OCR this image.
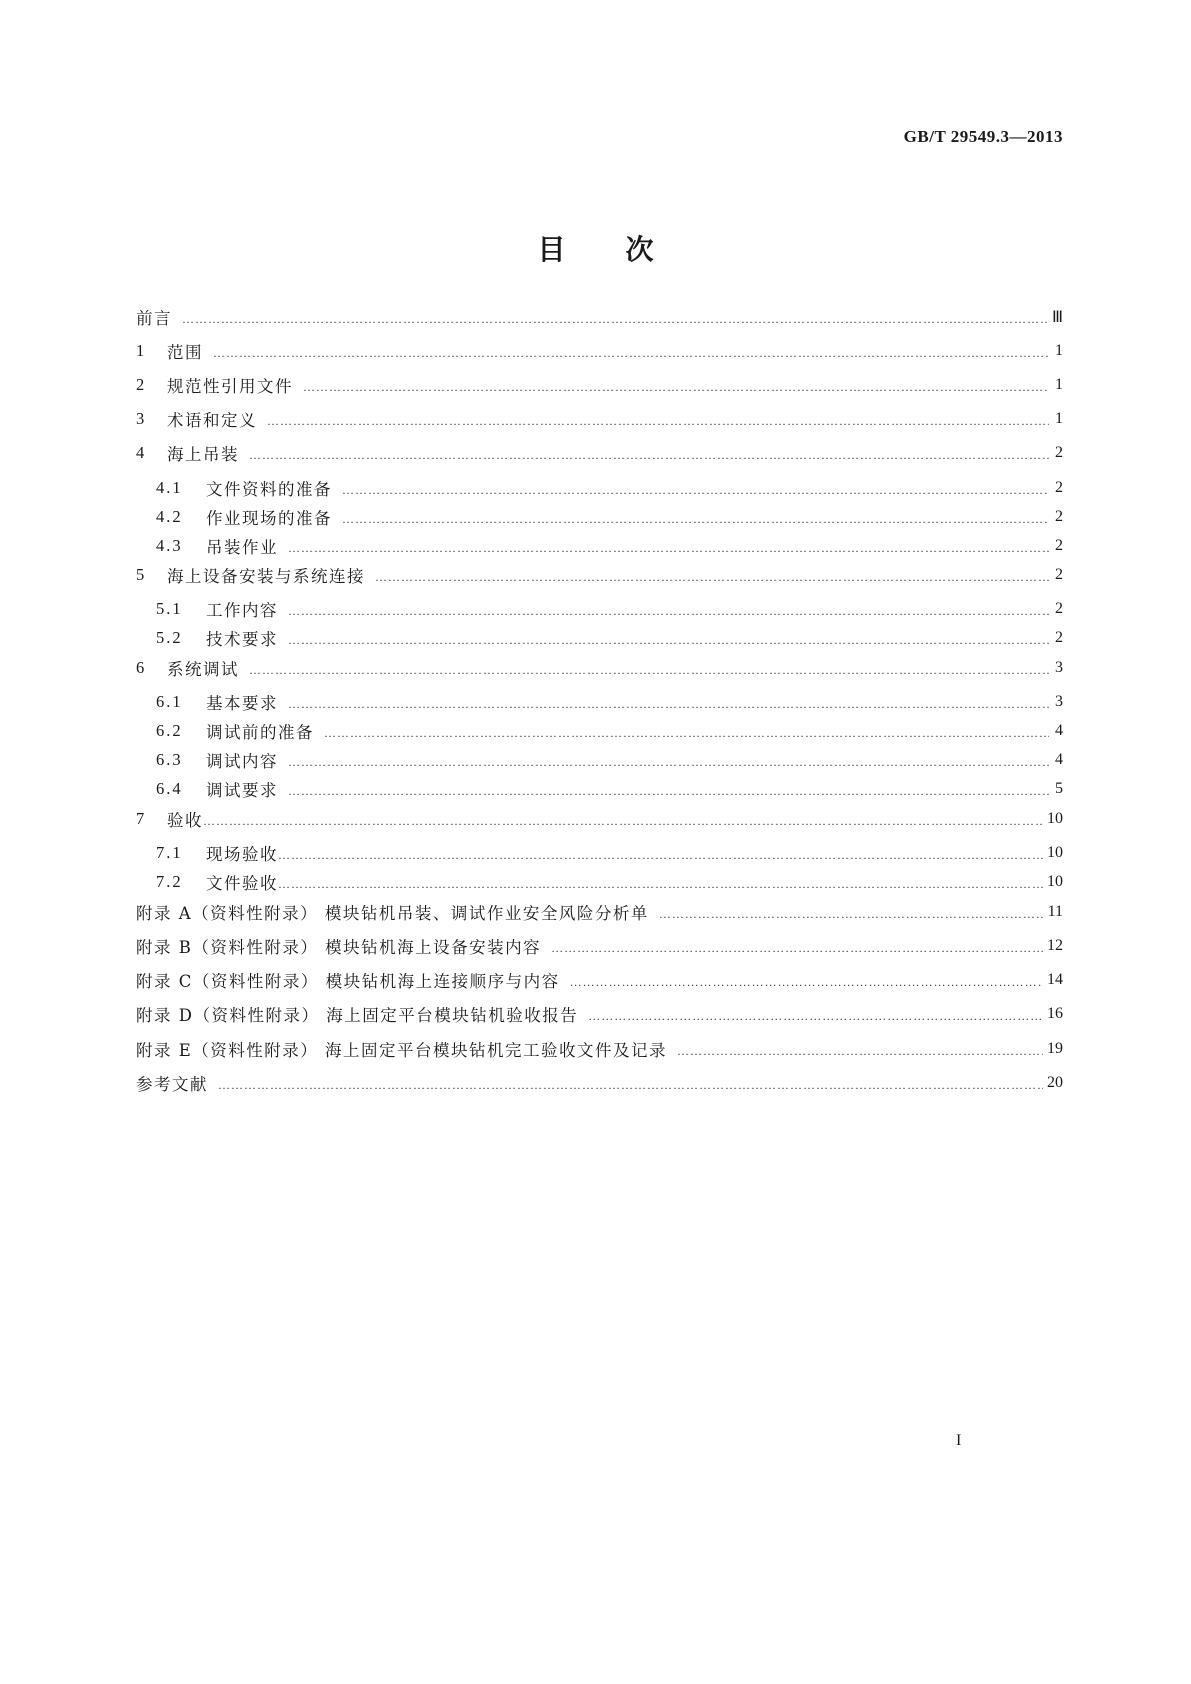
GB/T 29549.3—2013
目次
前言 …………………………………………………………………………………………………………………………………………………………………………………………………………………	Ⅲ
1	范围 …………………………………………………………………………………………………………………………………………………………………………………………………………………	1
2	规范性引用文件 …………………………………………………………………………………………………………………………………………………………………………………………………………………	1
3	术语和定义 …………………………………………………………………………………………………………………………………………………………………………………………………………………	1
4	海上吊装 …………………………………………………………………………………………………………………………………………………………………………………………………………………	2
4.1	文件资料的准备 …………………………………………………………………………………………………………………………………………………………………………………………………………………	2
4.2	作业现场的准备 …………………………………………………………………………………………………………………………………………………………………………………………………………………	2
4.3	吊装作业 …………………………………………………………………………………………………………………………………………………………………………………………………………………	2
5	海上设备安装与系统连接 …………………………………………………………………………………………………………………………………………………………………………………………………………………	2
5.1	工作内容 …………………………………………………………………………………………………………………………………………………………………………………………………………………	2
5.2	技术要求 …………………………………………………………………………………………………………………………………………………………………………………………………………………	2
6	系统调试 …………………………………………………………………………………………………………………………………………………………………………………………………………………	3
6.1	基本要求 …………………………………………………………………………………………………………………………………………………………………………………………………………………	3
6.2	调试前的准备 …………………………………………………………………………………………………………………………………………………………………………………………………………………	4
6.3	调试内容 …………………………………………………………………………………………………………………………………………………………………………………………………………………	4
6.4	调试要求 …………………………………………………………………………………………………………………………………………………………………………………………………………………	5
7	验收 …………………………………………………………………………………………………………………………………………………………………………………………………………………	10
7.1	现场验收 …………………………………………………………………………………………………………………………………………………………………………………………………………………	10
7.2	文件验收 …………………………………………………………………………………………………………………………………………………………………………………………………………………	10
附录 A（资料性附录） 模块钻机吊装、调试作业安全风险分析单 …………………………………………………………………………………………………………………………………………………………………………………………………………………	11
附录 B（资料性附录） 模块钻机海上设备安装内容 …………………………………………………………………………………………………………………………………………………………………………………………………………………	12
附录 C（资料性附录） 模块钻机海上连接顺序与内容 …………………………………………………………………………………………………………………………………………………………………………………………………………………	14
附录 D（资料性附录） 海上固定平台模块钻机验收报告 …………………………………………………………………………………………………………………………………………………………………………………………………………………	16
附录 E（资料性附录） 海上固定平台模块钻机完工验收文件及记录 …………………………………………………………………………………………………………………………………………………………………………………………………………………	19
参考文献 …………………………………………………………………………………………………………………………………………………………………………………………………………………	20
I
